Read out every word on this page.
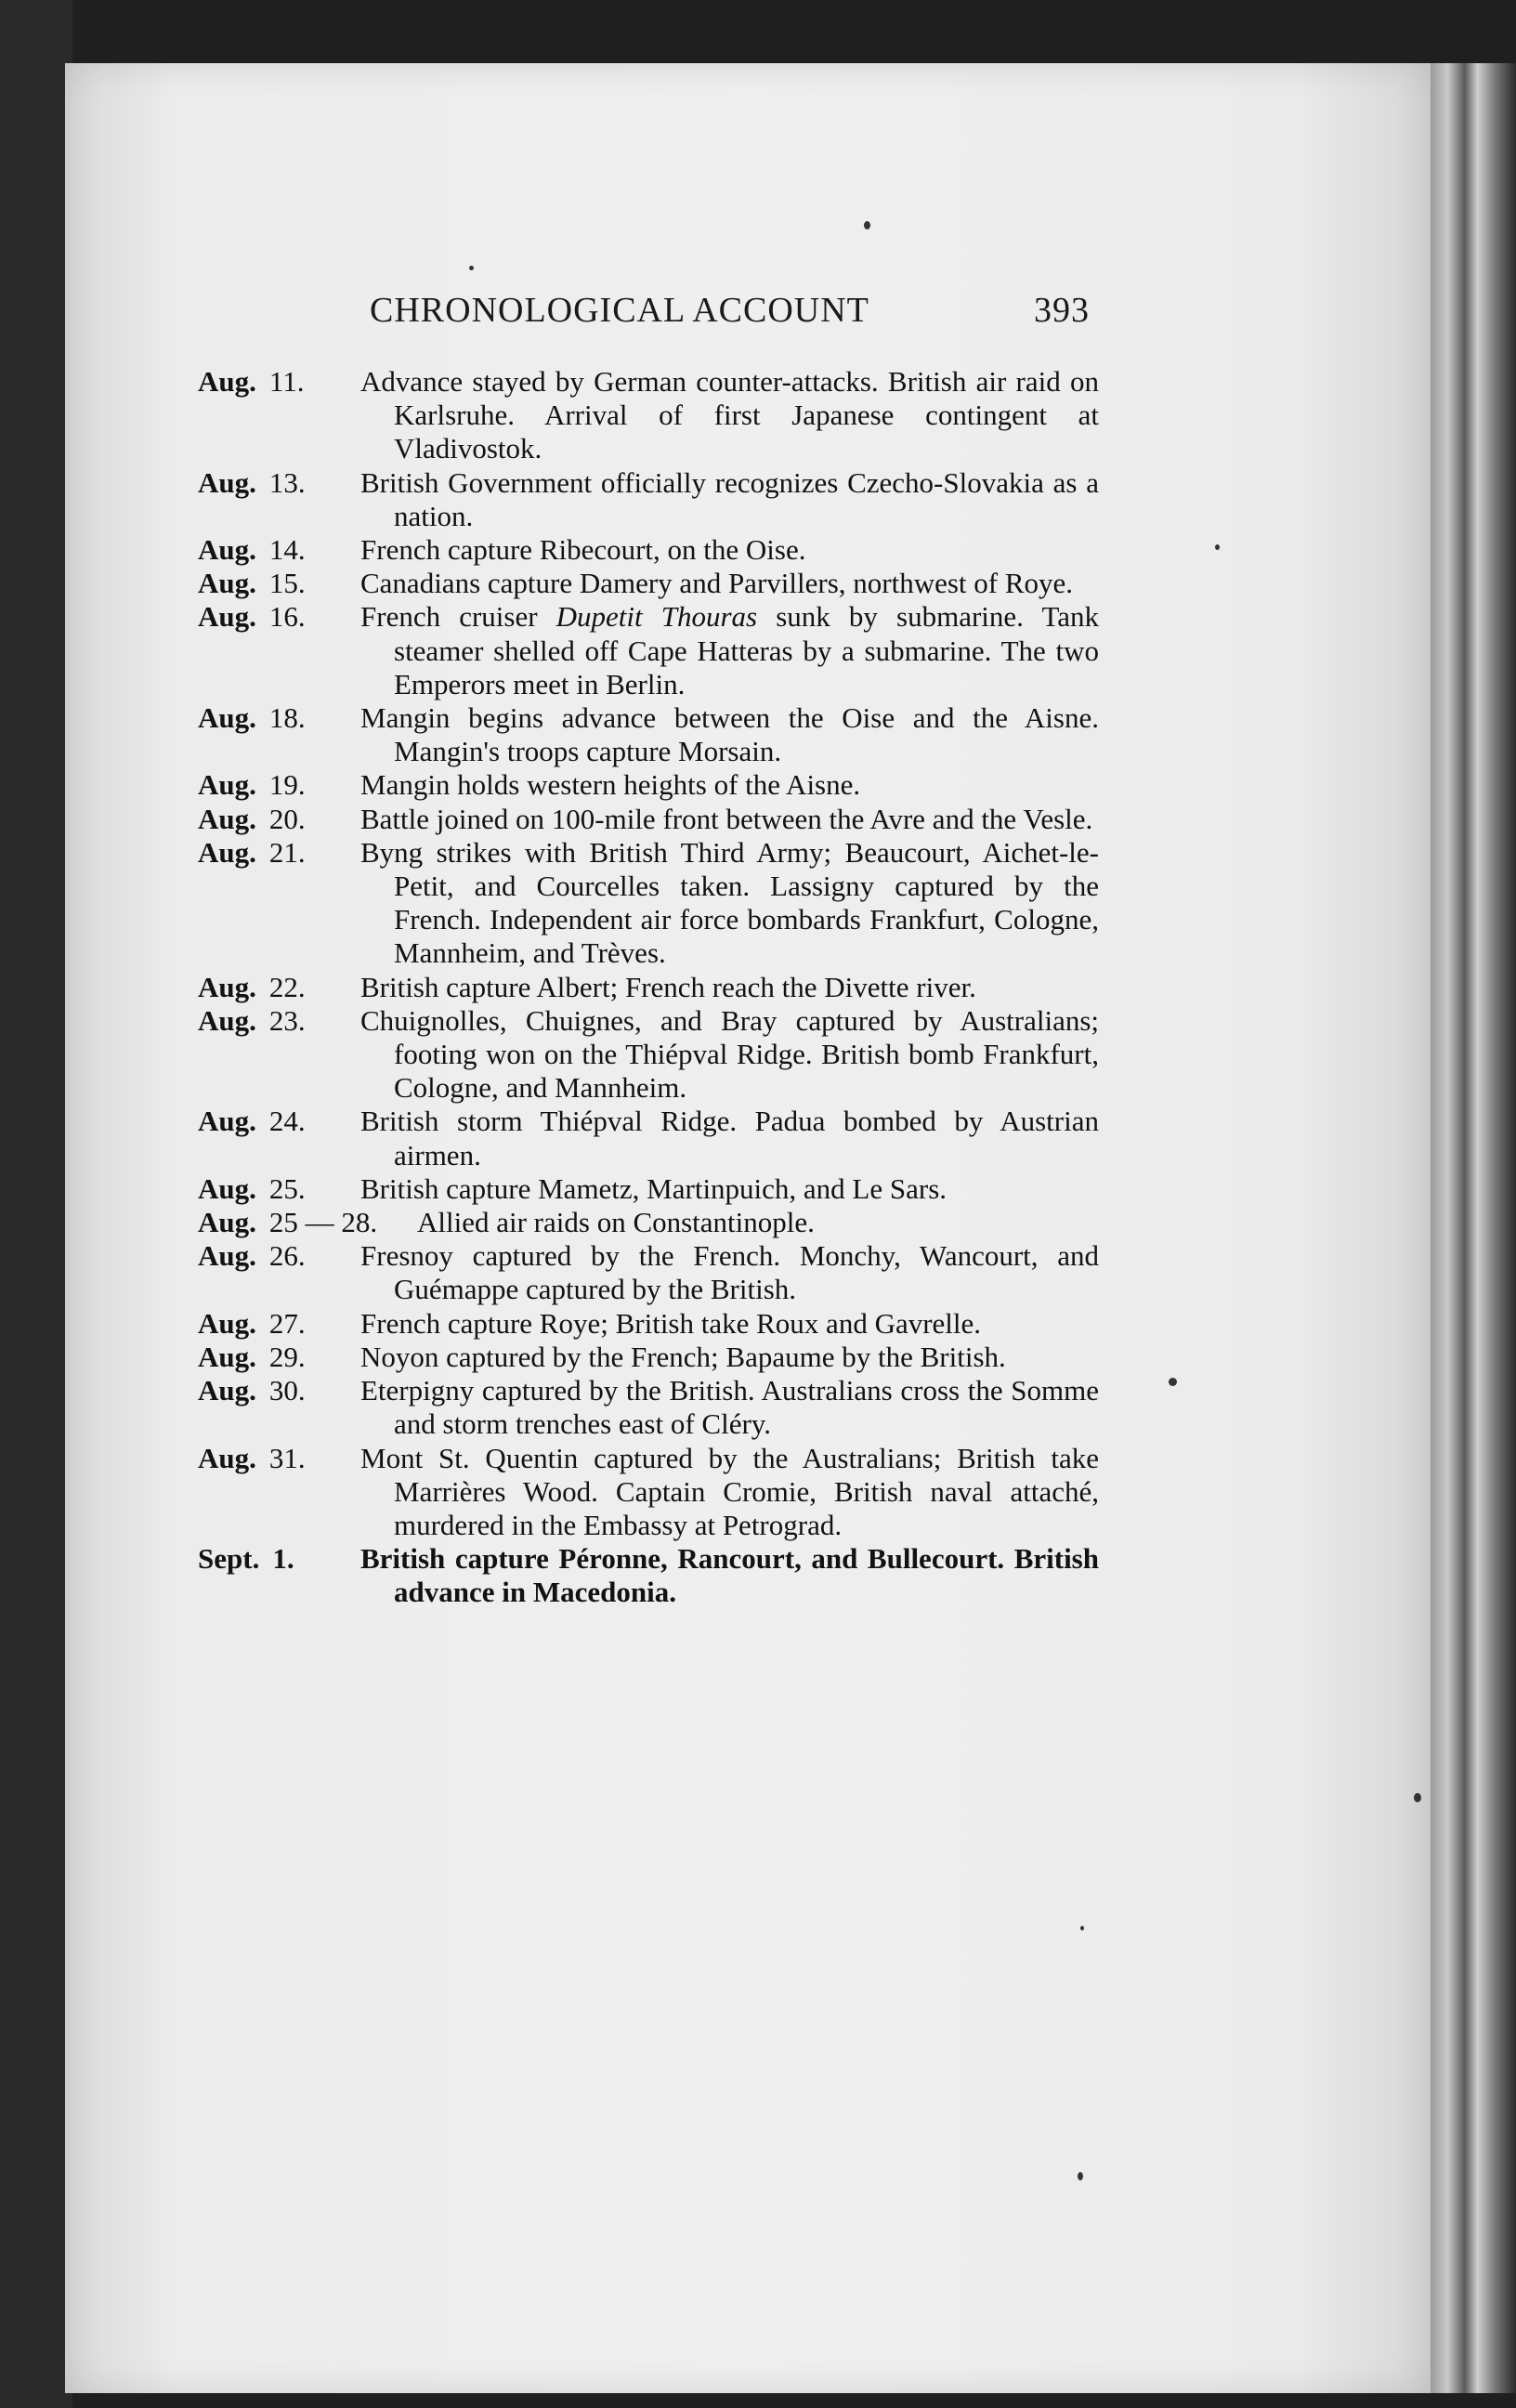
CHRONOLOGICAL ACCOUNT	393
Aug. 11.	Advance stayed by German counter-attacks. British air raid on Karlsruhe. Arrival of first Japanese contingent at Vladivostok.
Aug. 13.	British Government officially recognizes Czecho-Slovakia as a nation.
Aug. 14.	French capture Ribecourt, on the Oise.
Aug. 15.	Canadians capture Damery and Parvillers, northwest of Roye.
Aug. 16.	French cruiser Dupetit Thouras sunk by submarine. Tank steamer shelled off Cape Hatteras by a submarine. The two Emperors meet in Berlin.
Aug. 18.	Mangin begins advance between the Oise and the Aisne. Mangin's troops capture Morsain.
Aug. 19.	Mangin holds western heights of the Aisne.
Aug. 20.	Battle joined on 100-mile front between the Avre and the Vesle.
Aug. 21.	Byng strikes with British Third Army; Beaucourt, Aichet-le-Petit, and Courcelles taken. Lassigny captured by the French. Independent air force bombards Frankfurt, Cologne, Mannheim, and Trèves.
Aug. 22.	British capture Albert; French reach the Divette river.
Aug. 23.	Chuignolles, Chuignes, and Bray captured by Australians; footing won on the Thiépval Ridge. British bomb Frankfurt, Cologne, and Mannheim.
Aug. 24.	British storm Thiépval Ridge. Padua bombed by Austrian airmen.
Aug. 25.	British capture Mametz, Martinpuich, and Le Sars.
Aug. 25 — 28.	Allied air raids on Constantinople.
Aug. 26.	Fresnoy captured by the French. Monchy, Wancourt, and Guémappe captured by the British.
Aug. 27.	French capture Roye; British take Roux and Gavrelle.
Aug. 29.	Noyon captured by the French; Bapaume by the British.
Aug. 30.	Eterpigny captured by the British. Australians cross the Somme and storm trenches east of Cléry.
Aug. 31.	Mont St. Quentin captured by the Australians; British take Marrières Wood. Captain Cromie, British naval attaché, murdered in the Embassy at Petrograd.
Sept. 1.	British capture Péronne, Rancourt, and Bullecourt. British advance in Macedonia.
